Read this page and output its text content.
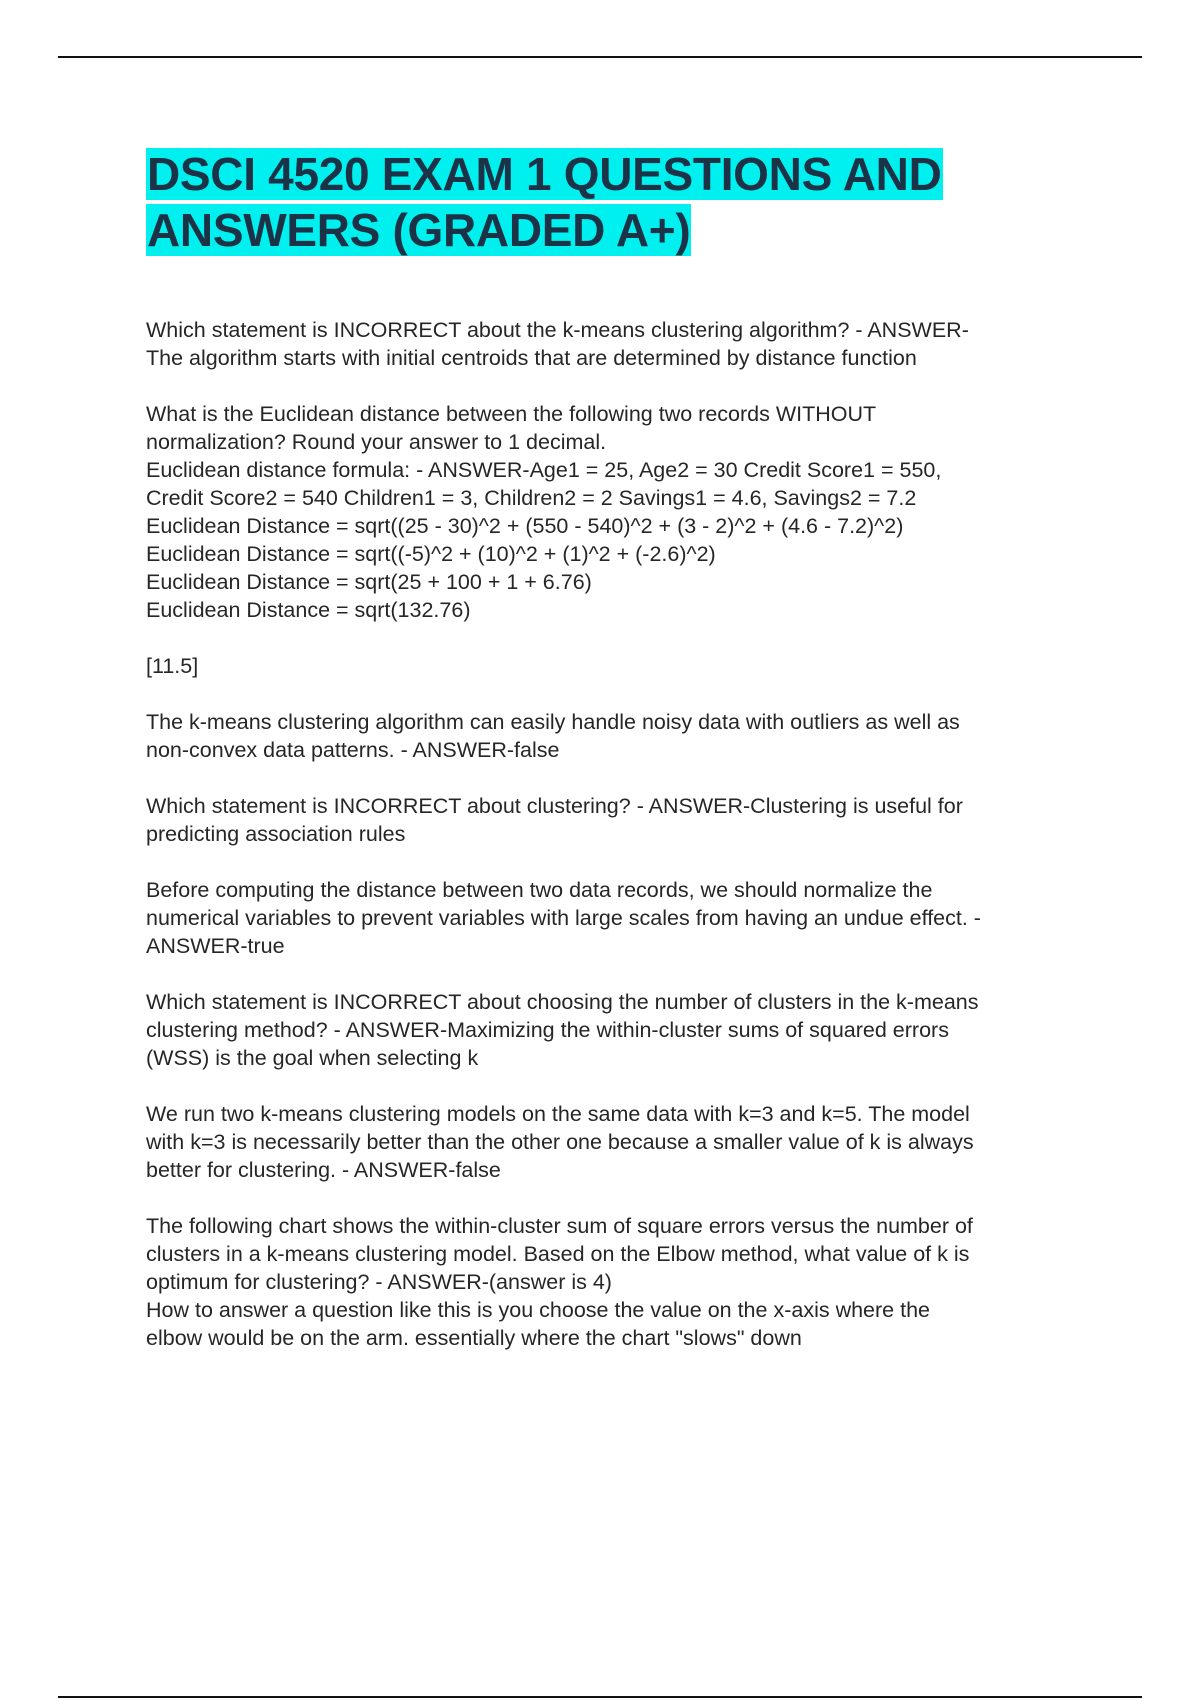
DSCI 4520 EXAM 1 QUESTIONS AND
ANSWERS (GRADED A+)
Which statement is INCORRECT about the k-means clustering algorithm? - ANSWER-
The algorithm starts with initial centroids that are determined by distance function
What is the Euclidean distance between the following two records WITHOUT
normalization? Round your answer to 1 decimal.
Euclidean distance formula: - ANSWER-Age1 = 25, Age2 = 30 Credit Score1 = 550,
Credit Score2 = 540 Children1 = 3, Children2 = 2 Savings1 = 4.6, Savings2 = 7.2
Euclidean Distance = sqrt((25 - 30)^2 + (550 - 540)^2 + (3 - 2)^2 + (4.6 - 7.2)^2)
Euclidean Distance = sqrt((-5)^2 + (10)^2 + (1)^2 + (-2.6)^2)
Euclidean Distance = sqrt(25 + 100 + 1 + 6.76)
Euclidean Distance = sqrt(132.76)
[11.5]
The k-means clustering algorithm can easily handle noisy data with outliers as well as
non-convex data patterns. - ANSWER-false
Which statement is INCORRECT about clustering? - ANSWER-Clustering is useful for
predicting association rules
Before computing the distance between two data records, we should normalize the
numerical variables to prevent variables with large scales from having an undue effect. -
ANSWER-true
Which statement is INCORRECT about choosing the number of clusters in the k-means
clustering method? - ANSWER-Maximizing the within-cluster sums of squared errors
(WSS) is the goal when selecting k
We run two k-means clustering models on the same data with k=3 and k=5. The model
with k=3 is necessarily better than the other one because a smaller value of k is always
better for clustering. - ANSWER-false
The following chart shows the within-cluster sum of square errors versus the number of
clusters in a k-means clustering model. Based on the Elbow method, what value of k is
optimum for clustering? - ANSWER-(answer is 4)
How to answer a question like this is you choose the value on the x-axis where the
elbow would be on the arm. essentially where the chart "slows" down
